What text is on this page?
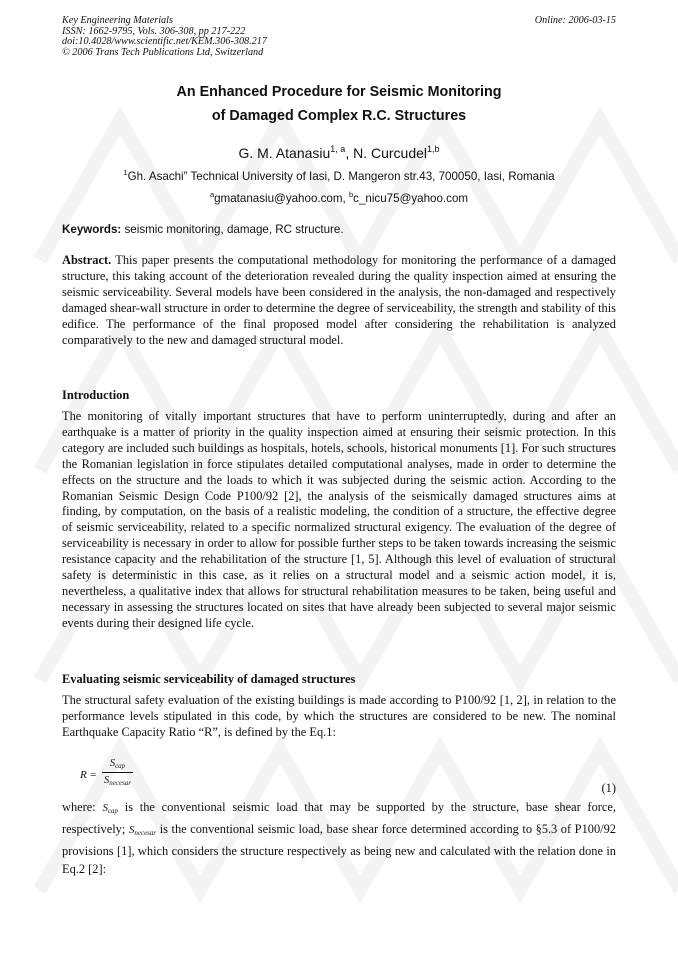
Key Engineering Materials
ISSN: 1662-9795, Vols. 306-308, pp 217-222
doi:10.4028/www.scientific.net/KEM.306-308.217
© 2006 Trans Tech Publications Ltd, Switzerland
Online: 2006-03-15
An Enhanced Procedure for Seismic Monitoring
of Damaged Complex R.C. Structures
G. M. Atanasiu$^{1, a}$, N. Curcudel$^{1,b}$
$^1$Gh. Asachi” Technical University of Iasi, D. Mangeron str.43, 700050, Iasi, Romania
$^a$gmatanasiu@yahoo.com, $^b$c_nicu75@yahoo.com
Keywords: seismic monitoring, damage, RC structure.
Abstract. This paper presents the computational methodology for monitoring the performance of a damaged structure, this taking account of the deterioration revealed during the quality inspection aimed at ensuring the seismic serviceability. Several models have been considered in the analysis, the non-damaged and respectively damaged shear-wall structure in order to determine the degree of serviceability, the strength and stability of this edifice. The performance of the final proposed model after considering the rehabilitation is analyzed comparatively to the new and damaged structural model.
Introduction
The monitoring of vitally important structures that have to perform uninterruptedly, during and after an earthquake is a matter of priority in the quality inspection aimed at ensuring their seismic protection. In this category are included such buildings as hospitals, hotels, schools, historical monuments [1]. For such structures the Romanian legislation in force stipulates detailed computational analyses, made in order to determine the effects on the structure and the loads to which it was subjected during the seismic action. According to the Romanian Seismic Design Code P100/92 [2], the analysis of the seismically damaged structures aims at finding, by computation, on the basis of a realistic modeling, the condition of a structure, the effective degree of seismic serviceability, related to a specific normalized structural exigency. The evaluation of the degree of serviceability is necessary in order to allow for possible further steps to be taken towards increasing the seismic resistance capacity and the rehabilitation of the structure [1, 5]. Although this level of evaluation of structural safety is deterministic in this case, as it relies on a structural model and a seismic action model, it is, nevertheless, a qualitative index that allows for structural rehabilitation measures to be taken, being useful and necessary in assessing the structures located on sites that have already been subjected to several major seismic events during their designed life cycle.
Evaluating seismic serviceability of damaged structures
The structural safety evaluation of the existing buildings is made according to P100/92 [1, 2], in relation to the performance levels stipulated in this code, by which the structures are considered to be new. The nominal Earthquake Capacity Ratio “R”, is defined by the Eq.1:
R =
$S_{cap}$
$S_{necesar}$	(1)
where: $S_{cap}$ is the conventional seismic load that may be supported by the structure, base shear force, respectively; $S_{necesar}$ is the conventional seismic load, base shear force determined according to §5.3 of P100/92 provisions [1], which considers the structure respectively as being new and calculated with the relation done in Eq.2 [2]:
